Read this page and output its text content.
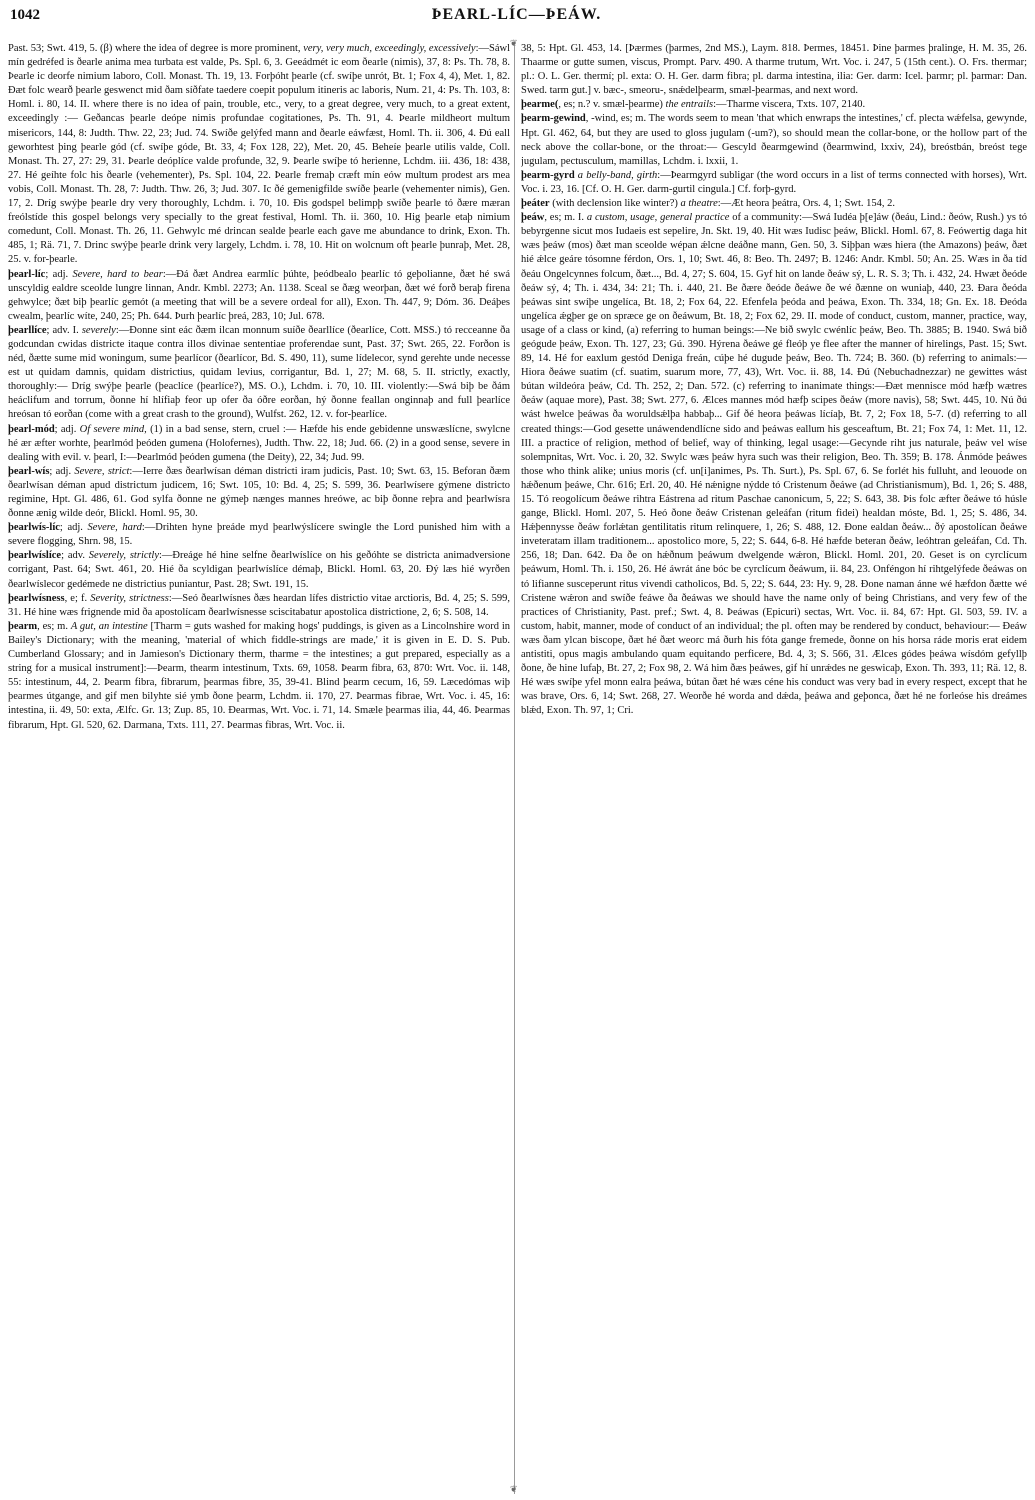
1042	ÞEARL-LÍC—ÞEÁW.
❦
❦

Past. 53; Swt. 419, 5. (β) where the idea of degree is more prominent, very, very much, exceedingly, excessively:—Sáwl mín gedréfed is ðearle anima mea turbata est valde, Ps. Spl. 6, 3. Geeádmét ic eom ðearle (nimis), 37, 8: Ps. Th. 78, 8. Þearle ic deorfe nimium laboro, Coll. Monast. Th. 19, 13. Forþóht þearle (cf. swíþe unrót, Bt. 1; Fox 4, 4), Met. 1, 82. Ðæt folc wearð þearle geswenct mid ðam síðfate taedere coepit populum itineris ac laboris, Num. 21, 4: Ps. Th. 103, 8: Homl. i. 80, 14. II. where there is no idea of pain, trouble, etc., very, to a great degree, very much, to a great extent, exceedingly :— Geðancas þearle deópe nimis profundae cogitationes, Ps. Th. 91, 4. Þearle mildheort multum misericors, 144, 8: Judth. Thw. 22, 23; Jud. 74. Swíðe gelýfed mann and ðearle eáwfæst, Homl. Th. ii. 306, 4. Ðú eall geworhtest þing þearle gód (cf. swíþe góde, Bt. 33, 4; Fox 128, 22), Met. 20, 45. Beheíe þearle utilis valde, Coll. Monast. Th. 27, 27: 29, 31. Þearle deóplíce valde profunde, 32, 9. Þearle swíþe tó herienne, Lchdm. iii. 436, 18: 438, 27. Hé geíhte folc his ðearle (vehementer), Ps. Spl. 104, 22. Þearle fremaþ cræft mín eów multum prodest ars mea vobis, Coll. Monast. Th. 28, 7: Judth. Thw. 26, 3; Jud. 307. Ic ðé gemenigfilde swíðe þearle (vehementer nimis), Gen. 17, 2. Dríg swýþe þearle dry very thoroughly, Lchdm. i. 70, 10. Ðis godspel belimpþ swíðe þearle tó ðære mæran freólstíde this gospel belongs very specially to the great festival, Homl. Th. ii. 360, 10. Hig þearle etaþ nimium comedunt, Coll. Monast. Th. 26, 11. Gehwylc mé drincan sealde þearle each gave me abundance to drink, Exon. Th. 485, 1; Rä. 71, 7. Drinc swýþe þearle drink very largely, Lchdm. i. 78, 10. Hit on wolcnum oft þearle þunraþ, Met. 28, 25. v. for-þearle.

þearl-líc; adj. Severe, hard to bear:—Ðá ðæt Andrea earmlíc þúhte, þeódbealo þearlíc tó geþolianne, ðæt hé swá unscyldig ealdre sceolde lungre linnan, Andr. Kmbl. 2273; An. 1138. Sceal se ðæg weorþan, ðæt wé forð beraþ firena gehwylce; ðæt biþ þearlíc gemót (a meeting that will be a severe ordeal for all), Exon. Th. 447, 9; Dóm. 36. Deáþes cwealm, þearlíc wíte, 240, 25; Ph. 644. Þurh þearlíc þreá, 283, 10; Jul. 678.

þearllíce; adv. I. severely:—Ðonne sint eác ðæm ilcan monnum suíðe ðearllíce (ðearlíce, Cott. MSS.) tó recceanne ða godcundan cwidas districte itaque contra illos divinae sententiae proferendae sunt, Past. 37; Swt. 265, 22. Forðon is néd, ðætte sume mid woningum, sume þearlícor (ðearlícor, Bd. S. 490, 11), sume lídelecor, synd gerehte unde necesse est ut quidam damnis, quidam districtius, quidam levius, corrigantur, Bd. 1, 27; M. 68, 5. II. strictly, exactly, thoroughly:— Dríg swýþe þearle (þeaclíce (þearlíce?), MS. O.), Lchdm. i. 70, 10. III. violently:—Swá biþ be ðám heáclifum and torrum, ðonne hí hlífiaþ feor up ofer ða óðre eorðan, hý ðonne feallan onginnaþ and full þearlíce hreósan tó eorðan (come with a great crash to the ground), Wulfst. 262, 12. v. for-þearlíce.

þearl-mód; adj. Of severe mind, (1) in a bad sense, stern, cruel :— Hæfde his ende gebidenne unswæslícne, swylcne hé ær æfter worhte, þearlmód þeóden gumena (Holofernes), Judth. Thw. 22, 18; Jud. 66. (2) in a good sense, severe in dealing with evil. v. þearl, I:—Þearlmód þeóden gumena (the Deity), 22, 34; Jud. 99.

þearl-wís; adj. Severe, strict:—Ierre ðæs ðearlwísan déman districti iram judicis, Past. 10; Swt. 63, 15. Beforan ðæm ðearlwísan déman apud districtum judicem, 16; Swt. 105, 10: Bd. 4, 25; S. 599, 36. Þearlwísere gýmene districto regimine, Hpt. Gl. 486, 61. God sylfa ðonne ne gýmeþ nænges mannes hreówe, ac biþ ðonne reþra and þearlwísra ðonne ænig wilde deór, Blickl. Homl. 95, 30.

þearlwís-líc; adj. Severe, hard:—Drihten hyne þreáde myd þearlwýslícere swingle the Lord punished him with a severe flogging, Shrn. 98, 15.

þearlwíslíce; adv. Severely, strictly:—Ðreáge hé hine selfne ðearlwíslíce on his geðóhte se districta animadversione corrigant, Past. 64; Swt. 461, 20. Hié ða scyldigan þearlwíslíce démaþ, Blickl. Homl. 63, 20. Ðý læs hié wyrðen ðearlwíslecor gedémede ne districtius puniantur, Past. 28; Swt. 191, 15.

þearlwísness, e; f. Severity, strictness:—Seó ðearlwísnes ðæs heardan lífes districtio vitae arctioris, Bd. 4, 25; S. 599, 31. Hé hine wæs frignende mid ða apostolícam ðearlwísnesse sciscitabatur apostolica districtione, 2, 6; S. 508, 14.

þearm, es; m. A gut, an intestine [Tharm = guts washed for making hogs' puddings, is given as a Lincolnshire word in Bailey's Dictionary; with the meaning, 'material of which fiddle-strings are made,' it is given in E. D. S. Pub. Cumberland Glossary; and in Jamieson's Dictionary therm, tharme = the intestines; a gut prepared, especially as a string for a musical instrument]:—Þearm, thearm intestinum, Txts. 69, 1058. Þearm fibra, 63, 870: Wrt. Voc. ii. 148, 55: intestinum, 44, 2. Þearm fibra, fibrarum, þearmas fibre, 35, 39-41. Blind þearm cecum, 16, 59. Læcedómas wiþ þearmes útgange, and gif men bilyhte sié ymb ðone þearm, Lchdm. ii. 170, 27. Þearmas fibrae, Wrt. Voc. i. 45, 16: intestina, ii. 49, 50: exta, Ælfc. Gr. 13; Zup. 85, 10. Ðearmas, Wrt. Voc. i. 71, 14. Smæle þearmas ilia, 44, 46. Þearmas fibrarum, Hpt. Gl. 520, 62. Darmana, Txts. 111, 27. Þearmas fibras, Wrt. Voc. ii.

38, 5: Hpt. Gl. 453, 14. [Þærmes (þarmes, 2nd MS.), Laym. 818. Þermes, 18451. Þine þarmes þralinge, H. M. 35, 26. Thaarme or gutte sumen, viscus, Prompt. Parv. 490. A tharme trutum, Wrt. Voc. i. 247, 5 (15th cent.). O. Frs. thermar; pl.: O. L. Ger. thermí; pl. exta: O. H. Ger. darm fibra; pl. darma intestina, ilia: Ger. darm: Icel. þarmr; pl. þarmar: Dan. Swed. tarm gut.] v. bæc-, smeoru-, snǽdelþearm, smæl-þearmas, and next word.

þearme(, es; n.? v. smæl-þearme) the entrails:—Tharme viscera, Txts. 107, 2140.

þearm-gewind, -wind, es; m. The words seem to mean 'that which enwraps the intestines,' cf. plecta wǽfelsa, gewynde, Hpt. Gl. 462, 64, but they are used to gloss jugulam (-um?), so should mean the collar-bone, or the hollow part of the neck above the collar-bone, or the throat:— Gescyld ðearmgewind (ðearmwind, lxxiv, 24), breóstbán, breóst tege jugulam, pectusculum, mamillas, Lchdm. i. lxxii, 1.

þearm-gyrd a belly-band, girth:—Þearmgyrd subligar (the word occurs in a list of terms connected with horses), Wrt. Voc. i. 23, 16. [Cf. O. H. Ger. darm-gurtil cingula.] Cf. forþ-gyrd.

þeáter (with declension like winter?) a theatre:—Æt heora þeátra, Ors. 4, 1; Swt. 154, 2.

þeáw, es; m. I. a custom, usage, general practice of a community:—Swá Iudéa þ[e]áw (ðeáu, Lind.: ðeów, Rush.) ys tó bebyrgenne sicut mos Iudaeis est sepelire, Jn. Skt. 19, 40. Hit wæs Iudisc þeáw, Blickl. Homl. 67, 8. Feówertig daga hit wæs þeáw (mos) ðæt man sceolde wépan ǽlcne deáðne mann, Gen. 50, 3. Siþþan wæs hiera (the Amazons) þeáw, ðæt hié ǽlce geáre tósomne férdon, Ors. 1, 10; Swt. 46, 8: Beo. Th. 2497; B. 1246: Andr. Kmbl. 50; An. 25. Wæs in ða tíd ðeáu Ongelcynnes folcum, ðæt..., Bd. 4, 27; S. 604, 15. Gyf hit on lande ðeáw sý, L. R. S. 3; Th. i. 432, 24. Hwæt ðeóde ðeáw sý, 4; Th. i. 434, 34: 21; Th. i. 440, 21. Be ðære ðeóde ðeáwe ðe wé ðænne on wuniaþ, 440, 23. Ðara ðeóda þeáwas sint swíþe ungelíca, Bt. 18, 2; Fox 64, 22. Efenfela þeóda and þeáwa, Exon. Th. 334, 18; Gn. Ex. 18. Ðeóda ungelíca ǽgþer ge on spræce ge on ðeáwum, Bt. 18, 2; Fox 62, 29. II. mode of conduct, custom, manner, practice, way, usage of a class or kind, (a) referring to human beings:—Ne bið swylc cwénlíc þeáw, Beo. Th. 3885; B. 1940. Swá bið geógude þeáw, Exon. Th. 127, 23; Gú. 390. Hýrena ðeáwe gé fleóþ ye flee after the manner of hirelings, Past. 15; Swt. 89, 14. Hé for eaxlum gestód Deniga freán, cúþe hé dugude þeáw, Beo. Th. 724; B. 360. (b) referring to animals:—Hiora ðeáwe suatim (cf. suatim, suarum more, 77, 43), Wrt. Voc. ii. 88, 14. Ðú (Nebuchadnezzar) ne gewittes wást bútan wildeóra þeáw, Cd. Th. 252, 2; Dan. 572. (c) referring to inanimate things:—Ðæt mennisce mód hæfþ wætres ðeáw (aquae more), Past. 38; Swt. 277, 6. Ælces mannes mód hæfþ scipes ðeáw (more navis), 58; Swt. 445, 10. Nú ðú wást hwelce þeáwas ða woruldsǽlþa habbaþ... Gif ðé heora þeáwas lícíaþ, Bt. 7, 2; Fox 18, 5-7. (d) referring to all created things:—God gesette unáwendendlícne sido and þeáwas eallum his gesceaftum, Bt. 21; Fox 74, 1: Met. 11, 12. III. a practice of religion, method of belief, way of thinking, legal usage:—Gecynde riht jus naturale, þeáw vel wíse solempnitas, Wrt. Voc. i. 20, 32. Swylc wæs þeáw hyra such was their religion, Beo. Th. 359; B. 178. Ánmóde þeáwes those who think alike; unius moris (cf. un[i]animes, Ps. Th. Surt.), Ps. Spl. 67, 6. Se forlét his fulluht, and leouode on hǽðenum þeáwe, Chr. 616; Erl. 20, 40. Hé nǽnigne nýdde tó Cristenum ðeáwe (ad Christianismum), Bd. 1, 26; S. 488, 15. Tó reogolícum ðeáwe rihtra Eástrena ad ritum Paschae canonicum, 5, 22; S. 643, 38. Þis folc æfter ðeáwe tó húsle gange, Blickl. Homl. 207, 5. Heó ðone ðeáw Cristenan geleáfan (ritum fidei) healdan móste, Bd. 1, 25; S. 486, 34. Hǽþennysse ðeáw forlǽtan gentilitatis ritum relinquere, 1, 26; S. 488, 12. Ðone ealdan ðeáw... ðý apostolícan ðeáwe inveteratam illam traditionem... apostolico more, 5, 22; S. 644, 6-8. Hé hæfde beteran ðeáw, leóhtran geleáfan, Cd. Th. 256, 18; Dan. 642. Ða ðe on hǽðnum þeáwum dwelgende wǽron, Blickl. Homl. 201, 20. Geset is on cyrclícum þeáwum, Homl. Th. i. 150, 26. Hé áwrát áne bóc be cyrclícum ðeáwum, ii. 84, 23. Onféngon hí rihtgelýfede ðeáwas on tó lifianne susceperunt ritus vivendi catholicos, Bd. 5, 22; S. 644, 23: Hy. 9, 28. Ðone naman ánne wé hæfdon ðætte wé Cristene wǽron and swíðe feáwe ða ðeáwas we should have the name only of being Christians, and very few of the practices of Christianity, Past. pref.; Swt. 4, 8. Þeáwas (Epicuri) sectas, Wrt. Voc. ii. 84, 67: Hpt. Gl. 503, 59. IV. a custom, habit, manner, mode of conduct of an individual; the pl. often may be rendered by conduct, behaviour:— Ðeáw wæs ðam ylcan biscope, ðæt hé ðæt weorc má ðurh his fóta gange fremede, ðonne on his horsa ráde moris erat eidem antistiti, opus magis ambulando quam equitando perficere, Bd. 4, 3; S. 566, 31. Ælces gódes þeáwa wísdóm gefyllþ ðone, ðe hine lufaþ, Bt. 27, 2; Fox 98, 2. Wá him ðæs þeáwes, gif hí unrǽdes ne geswicaþ, Exon. Th. 393, 11; Rä. 12, 8. Hé wæs swíþe yfel monn ealra þeáwa, bútan ðæt hé wæs céne his conduct was very bad in every respect, except that he was brave, Ors. 6, 14; Swt. 268, 27. Weorðe hé worda and dǽda, þeáwa and geþonca, ðæt hé ne forleóse his dreámes blǽd, Exon. Th. 97, 1; Cri.
